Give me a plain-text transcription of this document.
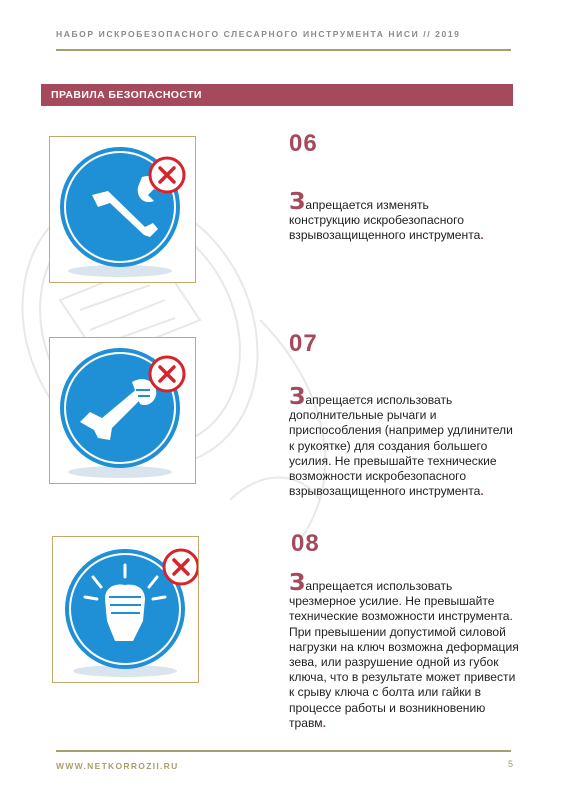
НАБОР ИСКРОБЕЗОПАСНОГО СЛЕСАРНОГО ИНСТРУМЕНТА НИСИ // 2019
ПРАВИЛА БЕЗОПАСНОСТИ
06
Запрещается изменять конструкцию искробезопасного взрывозащищенного инструмента.
07
Запрещается использовать дополнительные рычаги и приспособления (например удлинители к рукоятке) для создания большего усилия. Не превышайте технические возможности искробезопасного взрывозащищенного инструмента.
08
Запрещается использовать чрезмерное усилие. Не превышайте технические возможности инструмента. При превышении допустимой силовой нагрузки на ключ возможна деформация зева, или разрушение одной из губок ключа, что в результате может привести к срыву ключа с болта или гайки в процессе работы и возникновению травм.
WWW.NETKORROZII.RU	5
